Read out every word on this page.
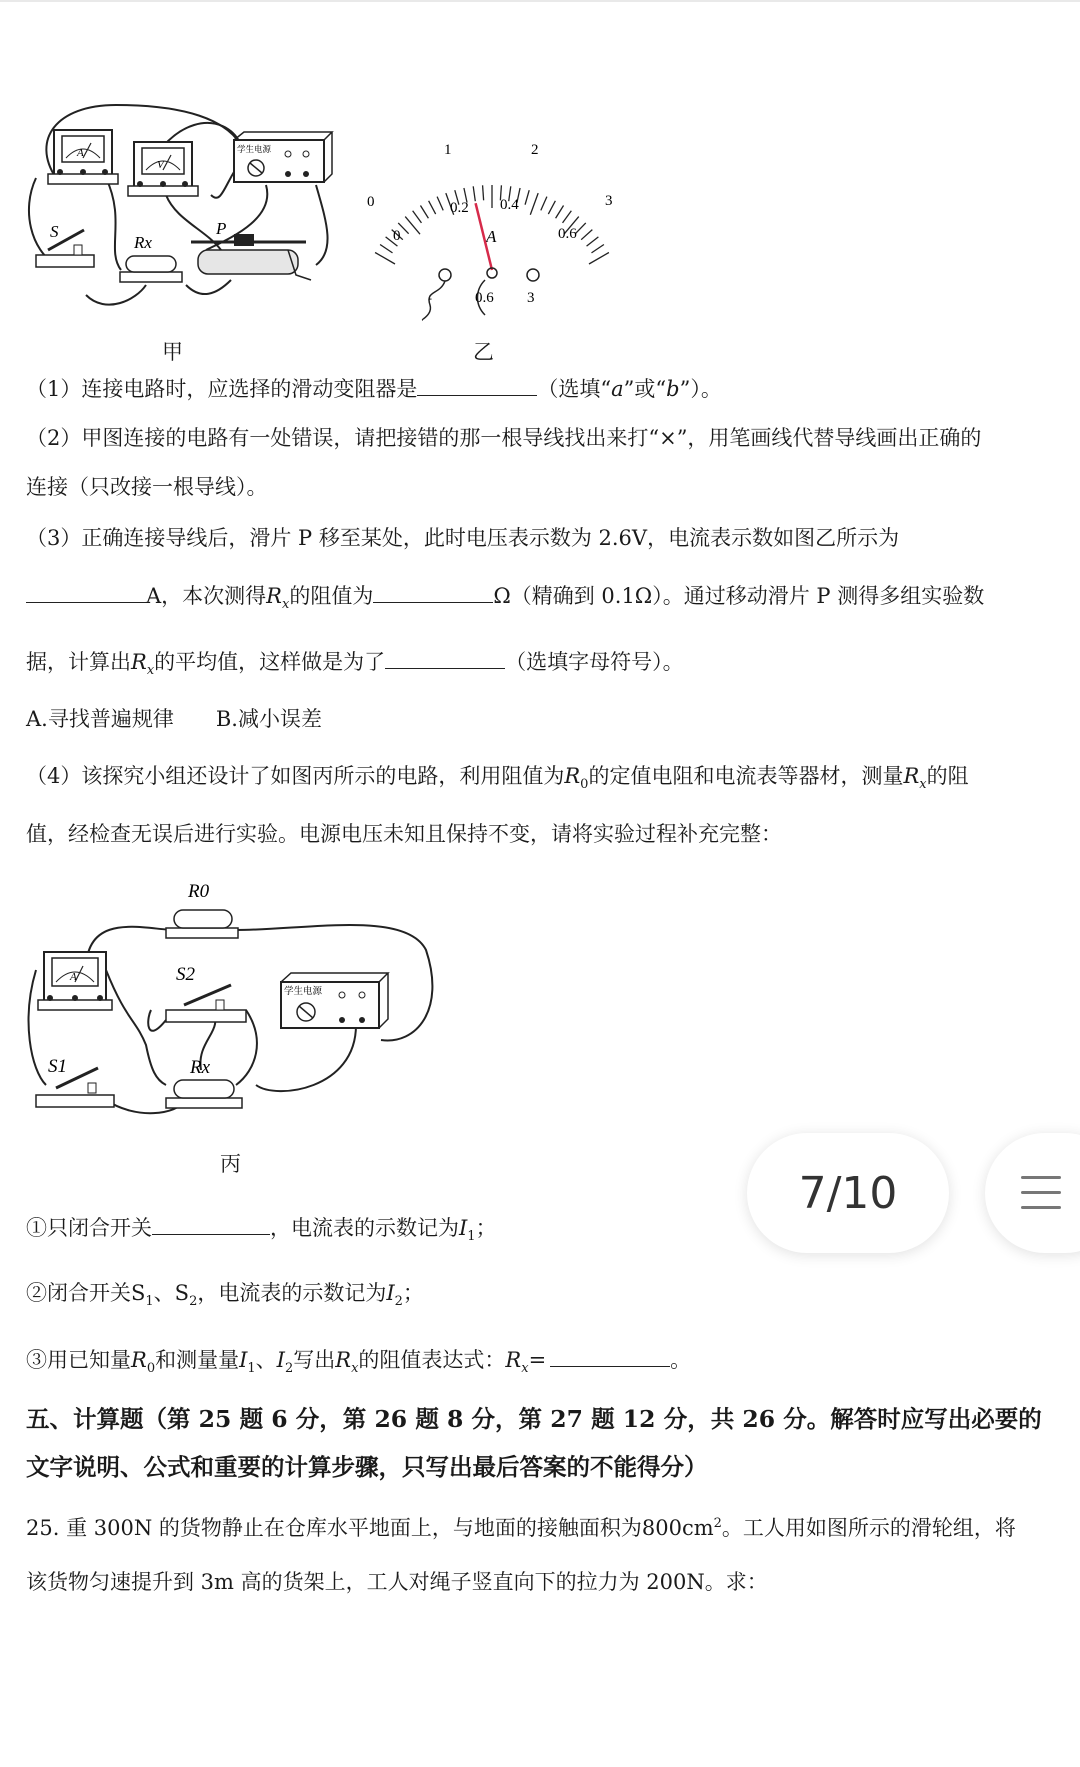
A
V
学生电源
S
Rx
P
甲
1	2
3
0
0
0.2 0.4
0.6
A
-	0.6 3
乙
（1）连接电路时，应选择的滑动变阻器是	（选填“a”或“b”）。
（2）甲图连接的电路有一处错误，请把接错的那一根导线找出来打“×”，用笔画线代替导线画出正确的
连接（只改接一根导线）。
（3）正确连接导线后，滑片 P 移至某处，此时电压表示数为 2.6V，电流表示数如图乙所示为
A，本次测得$R_x$的阻值为	Ω（精确到 0.1Ω）。通过移动滑片 P 测得多组实验数
据，计算出$R_x$的平均值，这样做是为了	（选填字母符号）。
A.寻找普遍规律　　B.减小误差
（4）该探究小组还设计了如图丙所示的电路，利用阻值为$R_0$的定值电阻和电流表等器材，测量$R_x$的阻
值，经检查无误后进行实验。电源电压未知且保持不变，请将实验过程补充完整：
R0
A	S2
学生电源
S1	Rx
丙
①只闭合开关	，电流表的示数记为$I_1$；
②闭合开关$S_1$、$S_2$，电流表的示数记为$I_2$；
③用已知量$R_0$和测量量$I_1$、$I_2$写出$R_x$的阻值表达式：$R_x=$	。
五、计算题（第 25 题 6 分，第 26 题 8 分，第 27 题 12 分，共 26 分。解答时应写出必要的
文字说明、公式和重要的计算步骤，只写出最后答案的不能得分）
25. 重 300N 的货物静止在仓库水平地面上，与地面的接触面积为$800cm^2$。工人用如图所示的滑轮组，将
该货物匀速提升到 3m 高的货架上，工人对绳子竖直向下的拉力为 200N。求：
7/10
